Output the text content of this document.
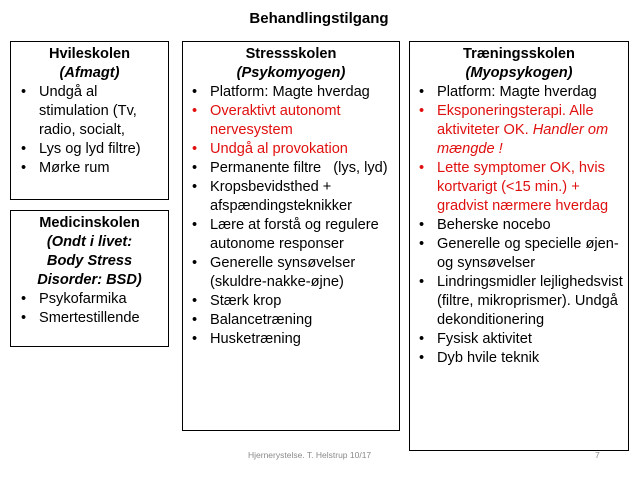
Behandlingstilgang
Hvileskolen
(Afmagt)
• Undgå al stimulation (Tv, radio, socialt,
• Lys og lyd filtre)
• Mørke rum
Medicinskolen
(Ondt i livet:
Body Stress
Disorder: BSD)
• Psykofarmika
• Smertestillende
Stressskolen
(Psykomyogen)
• Platform: Magte hverdag
• Overaktivt autonomt nervesystem
• Undgå al provokation
• Permanente filtre   (lys, lyd)
• Kropsbevidsthed + afspændingsteknikker
• Lære at forstå og regulere autonome responser
• Generelle synsøvelser (skuldre-nakke-øjne)
• Stærk krop
• Balancetræning
• Husketræning
Træningsskolen
(Myopsykogen)
• Platform: Magte hverdag
• Eksponeringsterapi. Alle aktiviteter OK. Handler om mængde !
• Lette symptomer OK, hvis kortvarigt (<15 min.) + gradvist nærmere hverdag
• Beherske nocebo
• Generelle og specielle øjen- og synsøvelser
• Lindringsmidler lejlighedsvist (filtre, mikroprismer). Undgå dekonditionering
• Fysisk aktivitet
• Dyb hvile teknik
Hjernerystelse. T. Helstrup 10/17	7
